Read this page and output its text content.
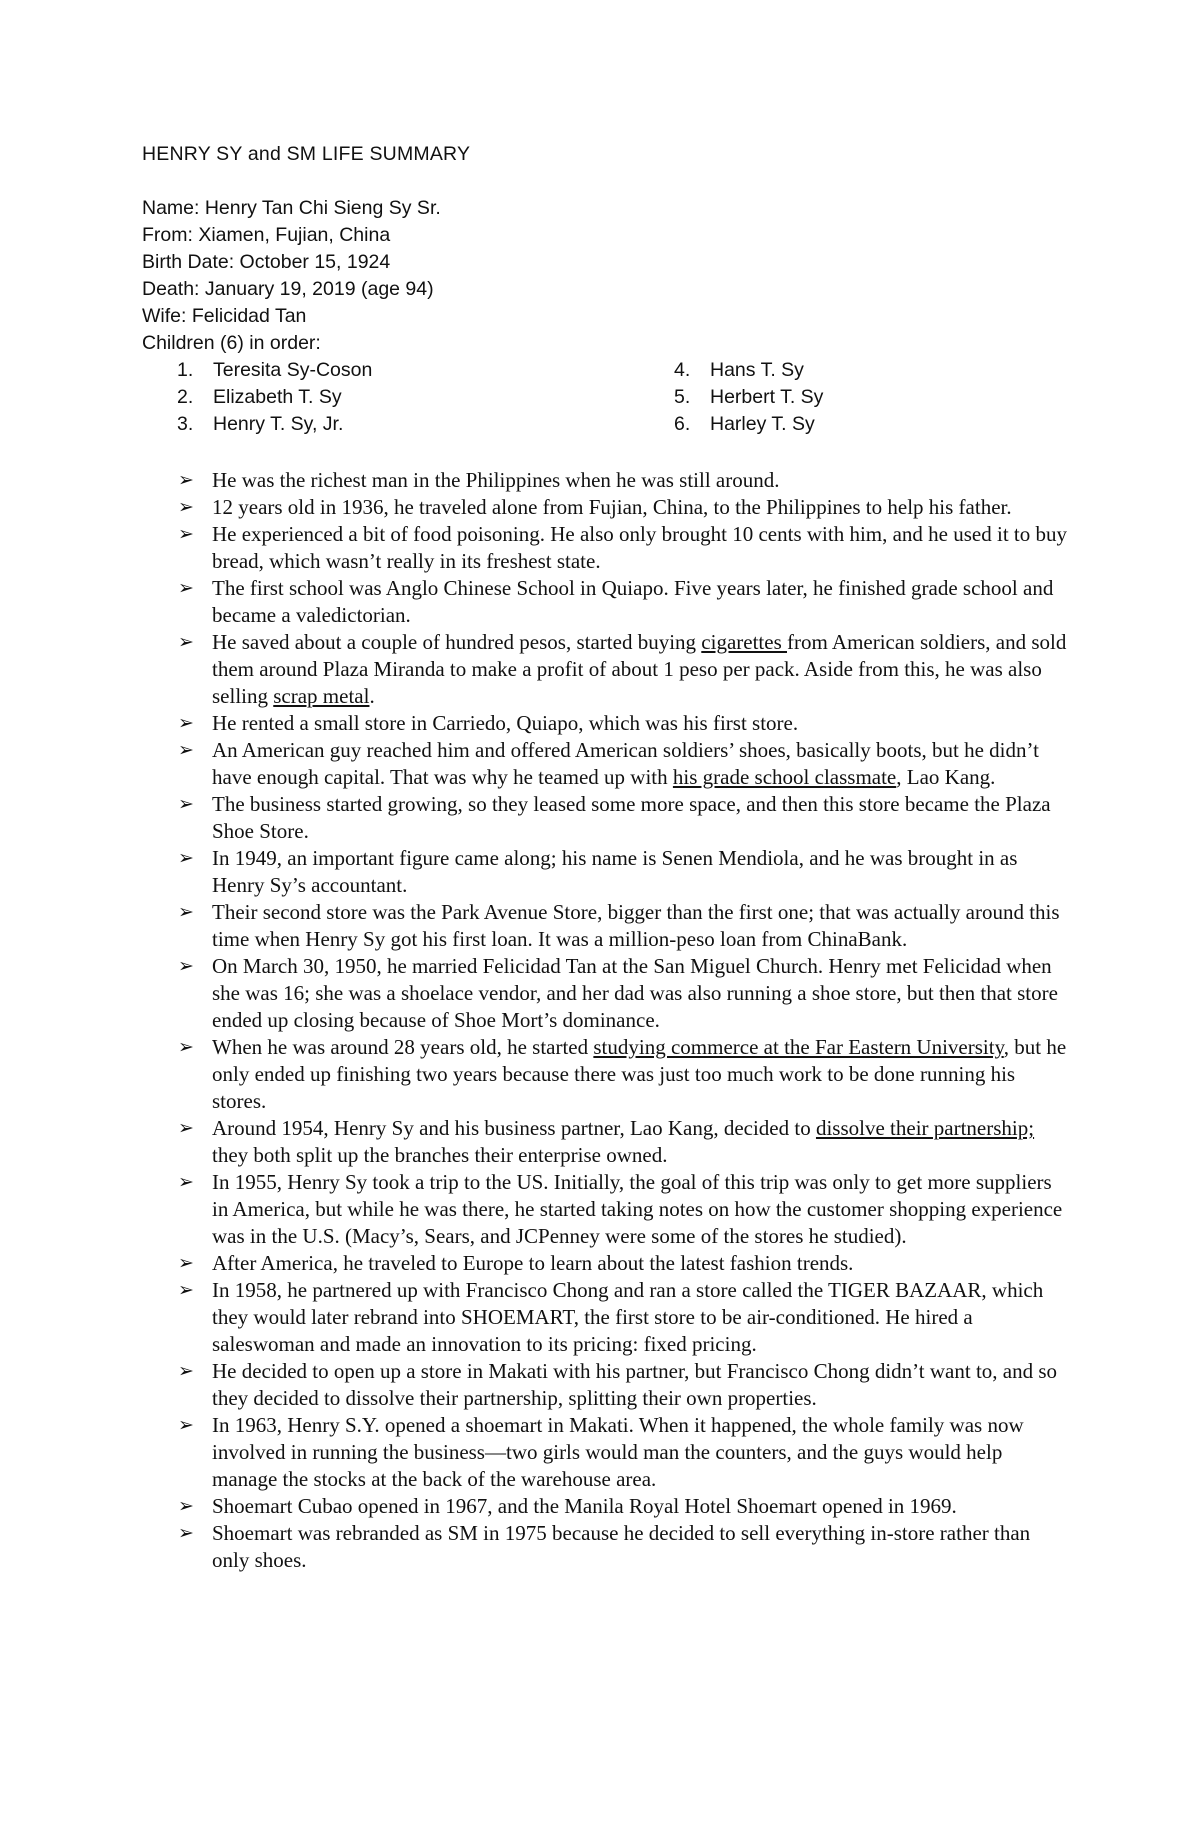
HENRY SY and SM LIFE SUMMARY
Name: Henry Tan Chi Sieng Sy Sr.
From: Xiamen, Fujian, China
Birth Date: October 15, 1924
Death: January 19, 2019 (age 94)
Wife: Felicidad Tan
Children (6) in order:
1.	Teresita Sy-Coson
2.	Elizabeth T. Sy
3.	Henry T. Sy, Jr.
4.	Hans T. Sy
5.	Herbert T. Sy
6.	Harley T. Sy
➢ He was the richest man in the Philippines when he was still around.
➢ 12 years old in 1936, he traveled alone from Fujian, China, to the Philippines to help his father.
➢ He experienced a bit of food poisoning. He also only brought 10 cents with him, and he used it to buy bread, which wasn’t really in its freshest state.
➢ The first school was Anglo Chinese School in Quiapo. Five years later, he finished grade school and became a valedictorian.
➢ He saved about a couple of hundred pesos, started buying cigarettes from American soldiers, and sold them around Plaza Miranda to make a profit of about 1 peso per pack. Aside from this, he was also selling scrap metal.
➢ He rented a small store in Carriedo, Quiapo, which was his first store.
➢ An American guy reached him and offered American soldiers’ shoes, basically boots, but he didn’t have enough capital. That was why he teamed up with his grade school classmate, Lao Kang.
➢ The business started growing, so they leased some more space, and then this store became the Plaza Shoe Store.
➢ In 1949, an important figure came along; his name is Senen Mendiola, and he was brought in as Henry Sy’s accountant.
➢ Their second store was the Park Avenue Store, bigger than the first one; that was actually around this time when Henry Sy got his first loan. It was a million-peso loan from ChinaBank.
➢ On March 30, 1950, he married Felicidad Tan at the San Miguel Church. Henry met Felicidad when she was 16; she was a shoelace vendor, and her dad was also running a shoe store, but then that store ended up closing because of Shoe Mort’s dominance.
➢ When he was around 28 years old, he started studying commerce at the Far Eastern University, but he only ended up finishing two years because there was just too much work to be done running his stores.
➢ Around 1954, Henry Sy and his business partner, Lao Kang, decided to dissolve their partnership; they both split up the branches their enterprise owned.
➢ In 1955, Henry Sy took a trip to the US. Initially, the goal of this trip was only to get more suppliers in America, but while he was there, he started taking notes on how the customer shopping experience was in the U.S. (Macy’s, Sears, and JCPenney were some of the stores he studied).
➢ After America, he traveled to Europe to learn about the latest fashion trends.
➢ In 1958, he partnered up with Francisco Chong and ran a store called the TIGER BAZAAR, which they would later rebrand into SHOEMART, the first store to be air-conditioned. He hired a saleswoman and made an innovation to its pricing: fixed pricing.
➢ He decided to open up a store in Makati with his partner, but Francisco Chong didn’t want to, and so they decided to dissolve their partnership, splitting their own properties.
➢ In 1963, Henry S.Y. opened a shoemart in Makati. When it happened, the whole family was now involved in running the business—two girls would man the counters, and the guys would help manage the stocks at the back of the warehouse area.
➢ Shoemart Cubao opened in 1967, and the Manila Royal Hotel Shoemart opened in 1969.
➢ Shoemart was rebranded as SM in 1975 because he decided to sell everything in-store rather than only shoes.
